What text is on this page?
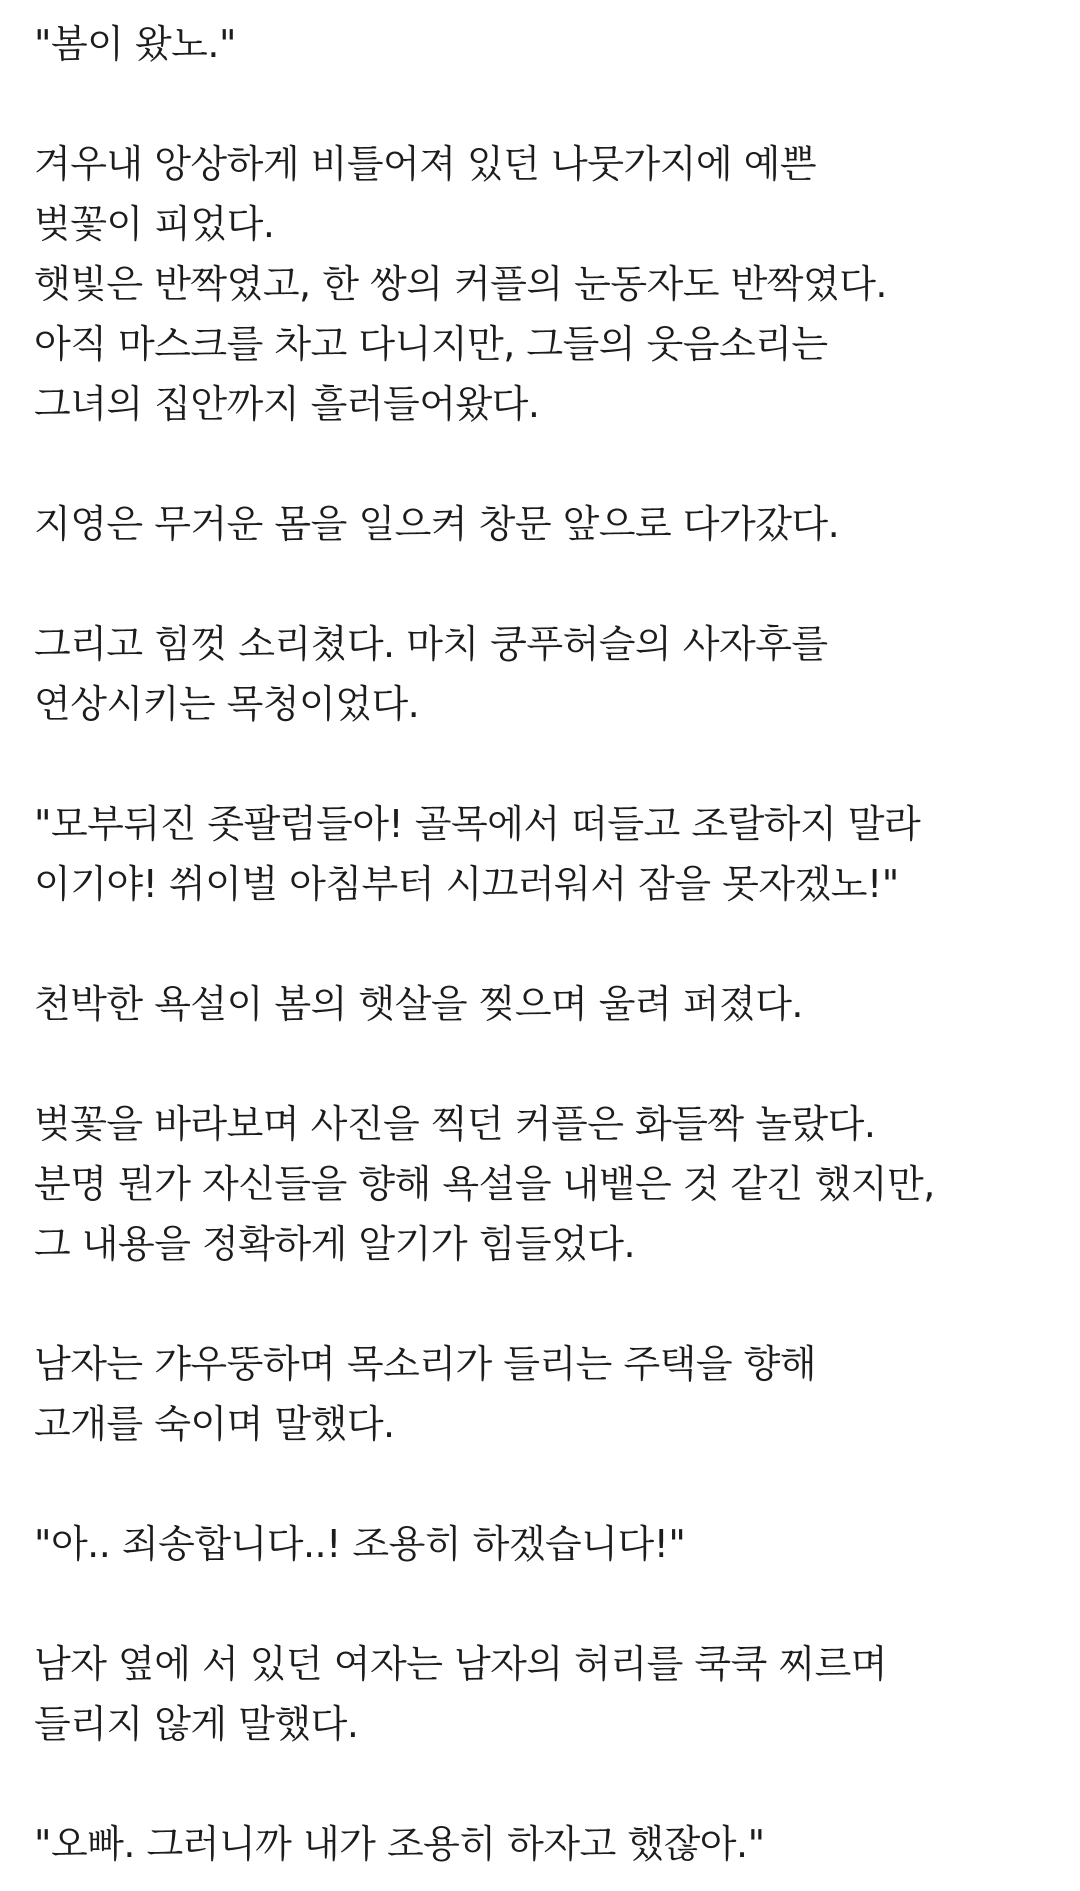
"봄이 왔노."
겨우내 앙상하게 비틀어져 있던 나뭇가지에 예쁜
벚꽃이 피었다.
햇빛은 반짝였고, 한 쌍의 커플의 눈동자도 반짝였다.
아직 마스크를 차고 다니지만, 그들의 웃음소리는
그녀의 집안까지 흘러들어왔다.
지영은 무거운 몸을 일으켜 창문 앞으로 다가갔다.
그리고 힘껏 소리쳤다. 마치 쿵푸허슬의 사자후를
연상시키는 목청이었다.
"모부뒤진 좃팔럼들아! 골목에서 떠들고 조랄하지 말라
이기야! 쒸이벌 아침부터 시끄러워서 잠을 못자겠노!"
천박한 욕설이 봄의 햇살을 찢으며 울려 퍼졌다.
벚꽃을 바라보며 사진을 찍던 커플은 화들짝 놀랐다.
분명 뭔가 자신들을 향해 욕설을 내뱉은 것 같긴 했지만,
그 내용을 정확하게 알기가 힘들었다.
남자는 갸우뚱하며 목소리가 들리는 주택을 향해
고개를 숙이며 말했다.
"아.. 죄송합니다..! 조용히 하겠습니다!"
남자 옆에 서 있던 여자는 남자의 허리를 쿡쿡 찌르며
들리지 않게 말했다.
"오빠. 그러니까 내가 조용히 하자고 했잖아."
